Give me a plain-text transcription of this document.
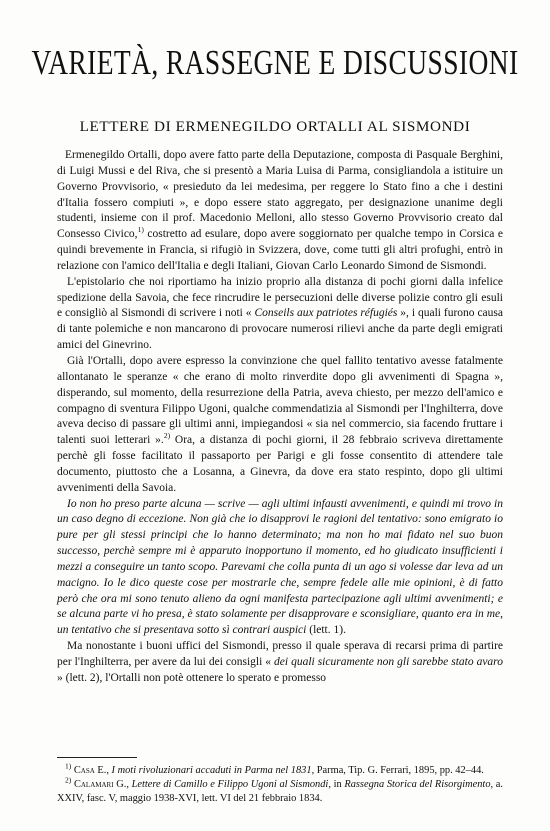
VARIETÀ, RASSEGNE E DISCUSSIONI
LETTERE DI ERMENEGILDO ORTALLI AL SISMONDI

Ermenegildo Ortalli, dopo avere fatto parte della Deputazione, composta di Pasquale Berghini, di Luigi Mussi e del Riva, che si presentò a Maria Luisa di Parma, consigliandola a istituire un Governo Provvisorio, « presieduto da lei medesima, per reggere lo Stato fino a che i destini d'Italia fossero compiuti », e dopo essere stato aggregato, per designazione unanime degli studenti, insieme con il prof. Macedonio Melloni, allo stesso Governo Provvisorio creato dal Consesso Civico,$^{1)}$ costretto ad esulare, dopo avere soggiornato per qualche tempo in Corsica e quindi brevemente in Francia, si rifugiò in Svizzera, dove, come tutti gli altri profughi, entrò in relazione con l'amico dell'Italia e degli Italiani, Giovan Carlo Leonardo Simond de Sismondi.

L'epistolario che noi riportiamo ha inizio proprio alla distanza di pochi giorni dalla infelice spedizione della Savoia, che fece rincrudire le persecuzioni delle diverse polizie contro gli esuli e consigliò al Sismondi di scrivere i noti « Conseils aux patriotes réfugiés », i quali furono causa di tante polemiche e non mancarono di provocare numerosi rilievi anche da parte degli emigrati amici del Ginevrino.

Già l'Ortalli, dopo avere espresso la convinzione che quel fallito tentativo avesse fatalmente allontanato le speranze « che erano di molto rinverdite dopo gli avvenimenti di Spagna », disperando, sul momento, della resurrezione della Patria, aveva chiesto, per mezzo dell'amico e compagno di sventura Filippo Ugoni, qualche commendatizia al Sismondi per l'Inghilterra, dove aveva deciso di passare gli ultimi anni, impiegandosi « sia nel commercio, sia facendo fruttare i talenti suoi letterari ».$^{2)}$ Ora, a distanza di pochi giorni, il 28 febbraio scriveva direttamente perchè gli fosse facilitato il passaporto per Parigi e gli fosse consentito di attendere tale documento, piuttosto che a Losanna, a Ginevra, da dove era stato respinto, dopo gli ultimi avvenimenti della Savoia.

Io non ho preso parte alcuna — scrive — agli ultimi infausti avvenimenti, e quindi mi trovo in un caso degno di eccezione. Non già che io disapprovi le ragioni del tentativo: sono emigrato io pure per gli stessi principi che lo hanno determinato; ma non ho mai fidato nel suo buon successo, perchè sempre mi è apparuto inopportuno il momento, ed ho giudicato insufficienti i mezzi a conseguire un tanto scopo. Parevami che colla punta di un ago si volesse dar leva ad un macigno. Io le dico queste cose per mostrarle che, sempre fedele alle mie opinioni, è di fatto però che ora mi sono tenuto alieno da ogni manifesta partecipazione agli ultimi avvenimenti; e se alcuna parte vi ho presa, è stato solamente per disapprovare e sconsigliare, quanto era in me, un tentativo che si presentava sotto sì contrari auspici (lett. 1).

Ma nonostante i buoni uffici del Sismondi, presso il quale sperava di recarsi prima di partire per l'Inghilterra, per avere da lui dei consigli « dei quali sicuramente non gli sarebbe stato avaro » (lett. 2), l'Ortalli non potè ottenere lo sperato e promesso

$^{1)}$ Casa E., I moti rivoluzionari accaduti in Parma nel 1831, Parma, Tip. G. Ferrari, 1895, pp. 42–44.

$^{2)}$ Calamari G., Lettere di Camillo e Filippo Ugoni al Sismondi, in Rassegna Storica del Risorgimento, a. XXIV, fasc. V, maggio 1938-XVI, lett. VI del 21 febbraio 1834.
